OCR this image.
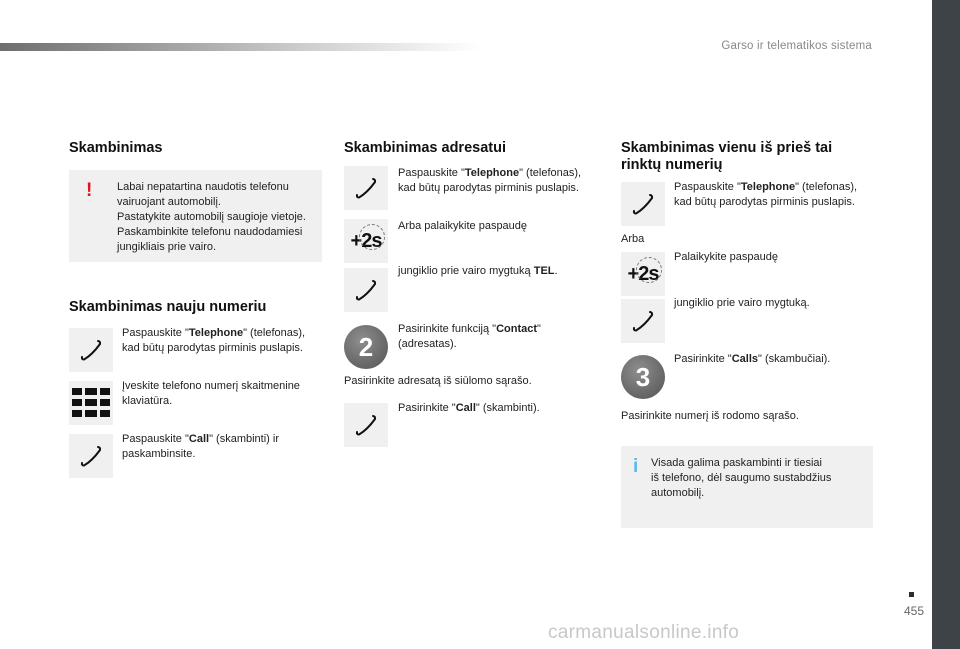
Garso ir telematikos sistema
455
carmanualsonline.info
Skambinimas
! Labai nepatartina naudotis telefonu
vairuojant automobilį.
Pastatykite automobilį saugioje vietoje.
Paskambinkite telefonu naudodamiesi
jungikliais prie vairo.
Skambinimas nauju numeriu
Paspauskite "Telephone" (telefonas),
kad būtų parodytas pirminis puslapis.
Įveskite telefono numerį skaitmenine
klaviatūra.
Paspauskite "Call" (skambinti) ir
paskambinsite.
Skambinimas adresatui
Paspauskite "Telephone" (telefonas),
kad būtų parodytas pirminis puslapis.
+2s
Arba palaikykite paspaudę
jungiklio prie vairo mygtuką TEL.
2
Pasirinkite funkciją "Contact"
(adresatas).
Pasirinkite adresatą iš siūlomo sąrašo.
Pasirinkite "Call" (skambinti).
Skambinimas vienu iš prieš tai
rinktų numerių
Paspauskite "Telephone" (telefonas),
kad būtų parodytas pirminis puslapis.
Arba
+2s
Palaikykite paspaudę
jungiklio prie vairo mygtuką.
3
Pasirinkite "Calls" (skambučiai).
Pasirinkite numerį iš rodomo sąrašo.
i Visada galima paskambinti ir tiesiai
iš telefono, dėl saugumo sustabdžius
automobilį.
